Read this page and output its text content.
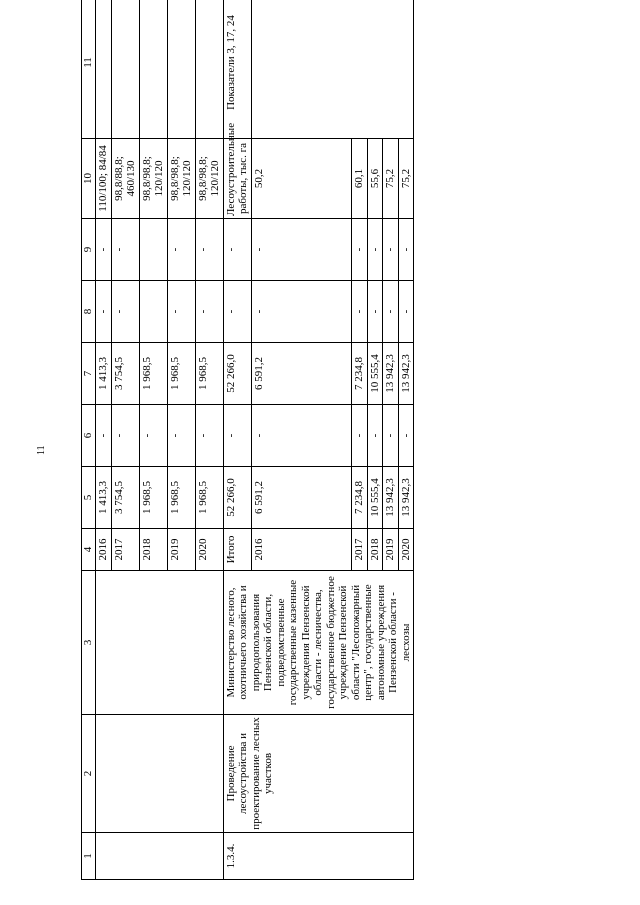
11
1	2	3	4	5	6	7	8	9	10	11
			2016	1 413,3	-	1 413,3	-	-	110/100; 84/84	
			2017	3 754,5	-	3 754,5	-	-	98,8/88,8; 460/130	
			2018	1 968,5	-	1 968,5			98,8/98,8; 120/120	
			2019	1 968,5	-	1 968,5	-	-	98,8/98,8; 120/120	
			2020	1 968,5	-	1 968,5	-	-	98,8/98,8; 120/120	
1.3.4.	Проведение лесоустройства и проектирование лесных участков	Министерство лесного, охотничьего хозяйства и природопользования Пензенской области, подведомственные государственные казенные учреждения Пензенской области - лесничества, государственное бюджетное учреждение Пензенской области "Лесопожарный центр", государственные автономные учреждения Пензенской области - лесхозы	Итого	52 266,0	-	52 266,0	-	-	Лесоустроительные работы, тыс. га	Показатели 3, 17, 24
			2016	6 591,2	-	6 591,2	-	-	50,2	
			2017	7 234,8	-	7 234,8	-	-	60,1	
			2018	10 555,4	-	10 555,4	-	-	55,6	
			2019	13 942,3	-	13 942,3	-	-	75,2	
			2020	13 942,3	-	13 942,3	-	-	75,2	
